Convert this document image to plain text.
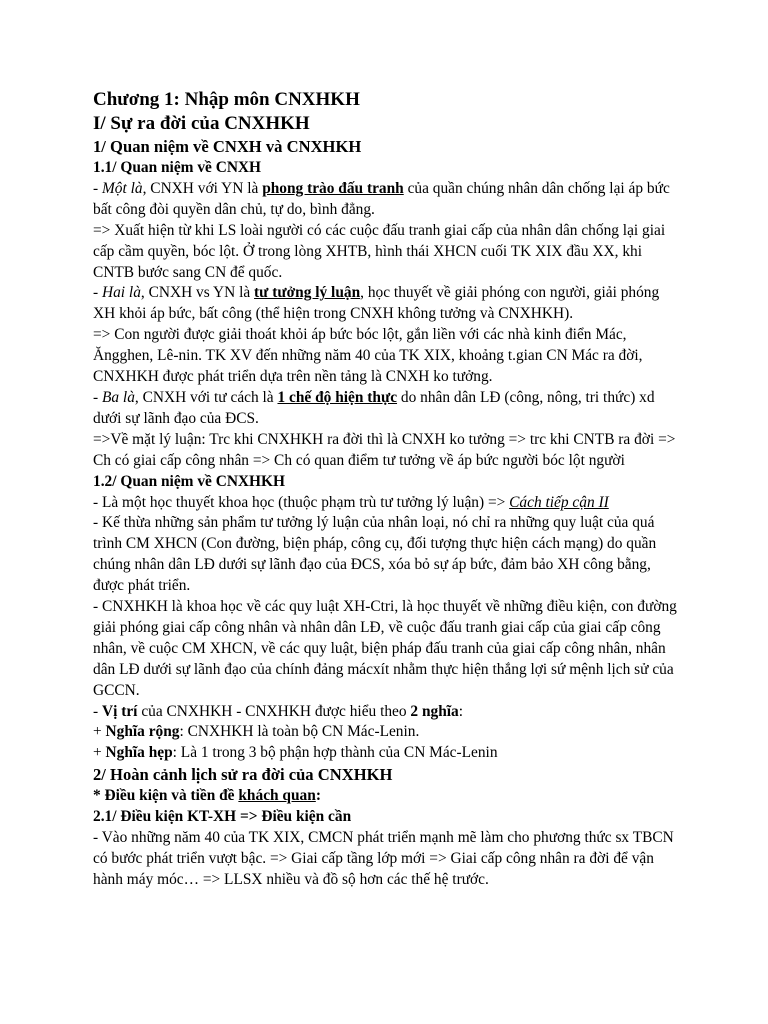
Chương 1: Nhập môn CNXHKH

I/ Sự ra đời của CNXHKH

1/ Quan niệm về CNXH và CNXHKH

1.1/ Quan niệm về CNXH

- Một là, CNXH với YN là phong trào đấu tranh của quần chúng nhân dân chống lại áp bức bất công đòi quyền dân chủ, tự do, bình đẳng.

=> Xuất hiện từ khi LS loài người có các cuộc đấu tranh giai cấp của nhân dân chống lại giai cấp cầm quyền, bóc lột. Ở trong lòng XHTB, hình thái XHCN cuối TK XIX đầu XX, khi CNTB bước sang CN để quốc.

- Hai là, CNXH vs YN là tư tưởng lý luận, học thuyết về giải phóng con người, giải phóng XH khỏi áp bức, bất công (thể hiện trong CNXH không tưởng và CNXHKH).

=> Con người được giải thoát khỏi áp bức bóc lột, gắn liền với các nhà kinh điển Mác, Ăngghen, Lê-nin. TK XV đến những năm 40 của TK XIX, khoảng t.gian CN Mác ra đời, CNXHKH được phát triển dựa trên nền tảng là CNXH ko tưởng.

- Ba là, CNXH với tư cách là 1 chế độ hiện thực do nhân dân LĐ (công, nông, tri thức) xd dưới sự lãnh đạo của ĐCS.

=>Về mặt lý luận: Trc khi CNXHKH ra đời thì là CNXH ko tưởng => trc khi CNTB ra đời => Ch có giai cấp công nhân => Ch có quan điểm tư tưởng về áp bức người bóc lột người

1.2/ Quan niệm về CNXHKH

- Là một học thuyết khoa học (thuộc phạm trù tư tưởng lý luận) => Cách tiếp cận II

- Kế thừa những sản phẩm tư tưởng lý luận của nhân loại, nó chỉ ra những quy luật của quá trình CM XHCN (Con đường, biện pháp, công cụ, đối tượng thực hiện cách mạng) do quần chúng nhân dân LĐ dưới sự lãnh đạo của ĐCS, xóa bỏ sự áp bức, đảm bảo XH công bằng, được phát triển.

- CNXHKH là khoa học về các quy luật XH-Ctri, là học thuyết về những điều kiện, con đường giải phóng giai cấp công nhân và nhân dân LĐ, về cuộc đấu tranh giai cấp của giai cấp công nhân, về cuộc CM XHCN, về các quy luật, biện pháp đấu tranh của giai cấp công nhân, nhân dân LĐ dưới sự lãnh đạo của chính đảng mácxít nhằm thực hiện thắng lợi sứ mệnh lịch sử của GCCN.

- Vị trí của CNXHKH - CNXHKH được hiểu theo 2 nghĩa:

+ Nghĩa rộng: CNXHKH là toàn bộ CN Mác-Lenin.

+ Nghĩa hẹp: Là 1 trong 3 bộ phận hợp thành của CN Mác-Lenin

2/ Hoàn cảnh lịch sử ra đời của CNXHKH

* Điều kiện và tiền đề khách quan:

2.1/ Điều kiện KT-XH => Điều kiện cần

- Vào những năm 40 của TK XIX, CMCN phát triển mạnh mẽ làm cho phương thức sx TBCN có bước phát triển vượt bậc. => Giai cấp tầng lớp mới => Giai cấp công nhân ra đời để vận hành máy móc… => LLSX nhiều và đồ sộ hơn các thế hệ trước.
